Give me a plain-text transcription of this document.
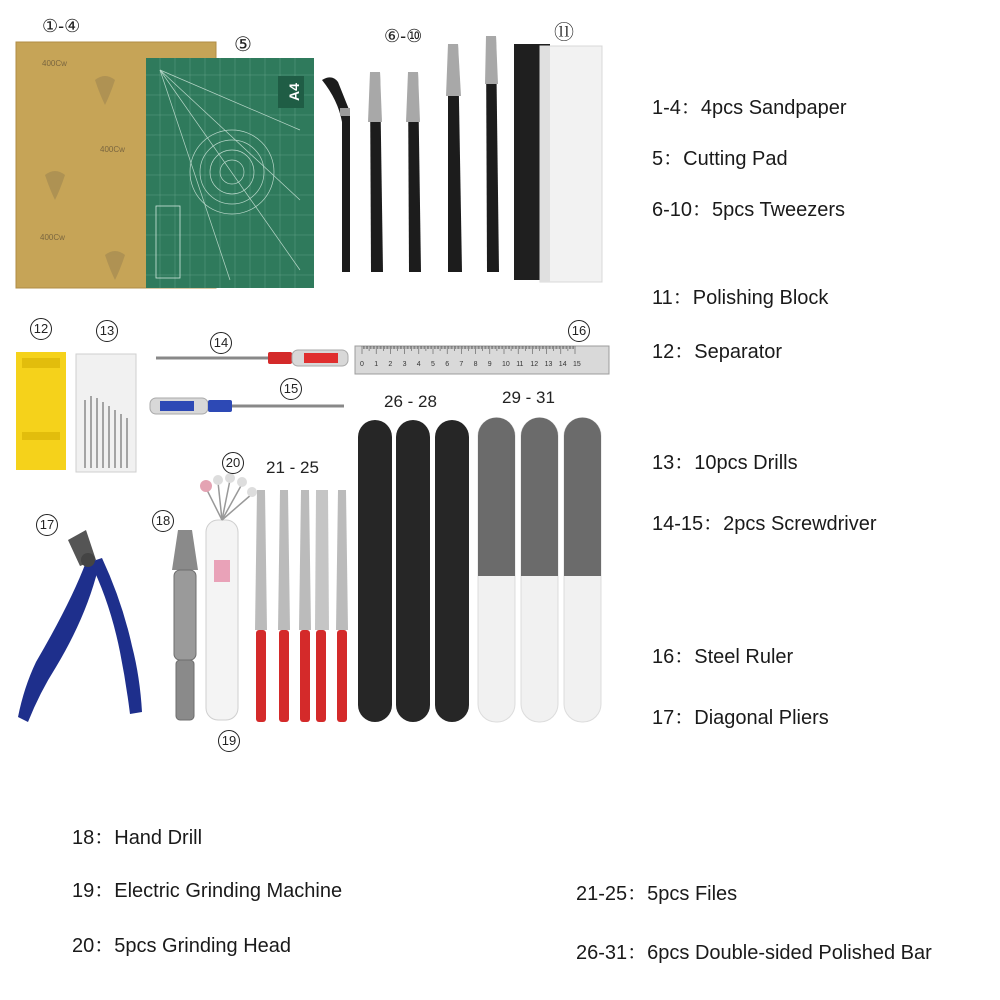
400Cw
400Cw
400Cw
A4
0 1 2 3 4 5 6 7 8 9 10 11 12 13 14 15
①-④
⑤	⑥-⑩	⑪
12	13
14
15
16
17	18
19
20 21 - 25
26 - 28	29 - 31
1-4：4pcs Sandpaper
5：Cutting Pad
6-10：5pcs Tweezers
11：Polishing Block
12：Separator
13：10pcs Drills
14-15：2pcs Screwdriver
16：Steel Ruler
17：Diagonal Pliers
18：Hand Drill
19：Electric Grinding Machine
20：5pcs Grinding Head
21-25：5pcs Files
26-31：6pcs Double-sided Polished Bar
